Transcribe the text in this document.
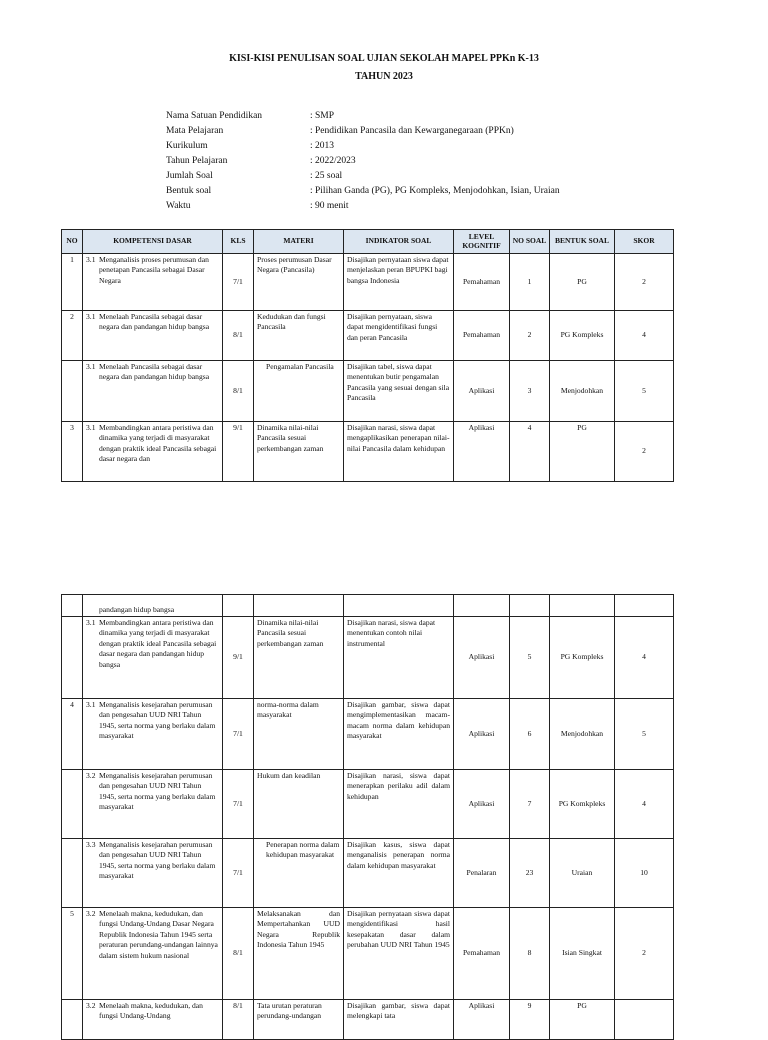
KISI-KISI PENULISAN SOAL UJIAN SEKOLAH MAPEL PPKn K-13
TAHUN 2023
Nama Satuan Pendidikan	: SMP
Mata Pelajaran	: Pendidikan Pancasila dan Kewarganegaraan (PPKn)
Kurikulum	: 2013
Tahun Pelajaran	: 2022/2023
Jumlah Soal	: 25 soal
Bentuk soal	: Pilihan Ganda (PG), PG Kompleks, Menjodohkan, Isian, Uraian
Waktu	: 90 menit
NO	KOMPETENSI DASAR	KLS	MATERI	INDIKATOR SOAL	LEVEL KOGNITIF	NO SOAL	BENTUK SOAL	SKOR
1	3.1 Menganalisis proses perumusan dan penetapan Pancasila sebagai Dasar Negara	7/1	Proses perumusan Dasar Negara (Pancasila)	Disajikan pernyataan siswa dapat menjelaskan peran BPUPKI bagi bangsa Indonesia	Pemahaman	1	PG	2
2	3.1 Menelaah Pancasila sebagai dasar negara dan pandangan hidup bangsa	8/1	Kedudukan dan fungsi Pancasila	Disajikan pernyataan, siswa dapat mengidentifikasi fungsi dan peran Pancasila	Pemahaman	2	PG Kompleks	4

	3.1 Menelaah Pancasila sebagai dasar negara dan pandangan hidup bangsa	8/1	Pengamalan Pancasila	Disajikan tabel, siswa dapat menentukan butir pengamalan Pancasila yang sesuai dengan sila Pancasila	Aplikasi	3	Menjodohkan	5
3	3.1 Membandingkan antara peristiwa dan dinamika yang terjadi di masyarakat dengan praktik ideal Pancasila sebagai dasar negara dan	9/1	Dinamika nilai-nilai Pancasila sesuai perkembangan zaman	Disajikan narasi, siswa dapat mengaplikasikan penerapan nilai-nilai Pancasila dalam kehidupan	Aplikasi	4	PG	2
	pandangan hidup bangsa							

	3.1 Membandingkan antara peristiwa dan dinamika yang terjadi di masyarakat dengan praktik ideal Pancasila sebagai dasar negara dan pandangan hidup bangsa	9/1	Dinamika nilai-nilai Pancasila sesuai perkembangan zaman	Disajikan narasi, siswa dapat menentukan contoh nilai instrumental	Aplikasi	5	PG Kompleks	4
4	3.1 Menganalisis kesejarahan perumusan dan pengesahan UUD NRI Tahun 1945, serta norma yang berlaku dalam masyarakat	7/1	norma-norma dalam masyarakat	Disajikan gambar, siswa dapat mengimplementasikan macam-macam norma dalam kehidupan masyarakat	Aplikasi	6	Menjodohkan	5

	3.2 Menganalisis kesejarahan perumusan dan pengesahan UUD NRI Tahun 1945, serta norma yang berlaku dalam masyarakat	7/1	Hukum dan keadilan	Disajikan narasi, siswa dapat menerapkan perilaku adil dalam kehidupan	Aplikasi	7	PG Komkpleks	4

	3.3 Menganalisis kesejarahan perumusan dan pengesahan UUD NRI Tahun 1945, serta norma yang berlaku dalam masyarakat	7/1	Penerapan norma dalam kehidupan masyarakat	Disajikan kasus, siswa dapat menganalisis penerapan norma dalam kehidupan masyarakat	Penalaran	23	Uraian	10
5	3.2 Menelaah makna, kedudukan, dan fungsi Undang-Undang Dasar Negara Republik Indonesia Tahun 1945 serta peraturan perundang-undangan lainnya dalam sistem hukum nasional	8/1	Melaksanakan dan Mempertahankan UUD Negara Republik Indonesia Tahun 1945	Disajikan pernyataan siswa dapat mengidentifikasi hasil kesepakatan dasar dalam perubahan UUD NRI Tahun 1945	Pemahaman	8	Isian Singkat	2

	3.2 Menelaah makna, kedudukan, dan fungsi Undang-Undang	8/1	Tata urutan peraturan perundang-undangan	Disajikan gambar, siswa dapat melengkapi tata	Aplikasi	9	PG	
